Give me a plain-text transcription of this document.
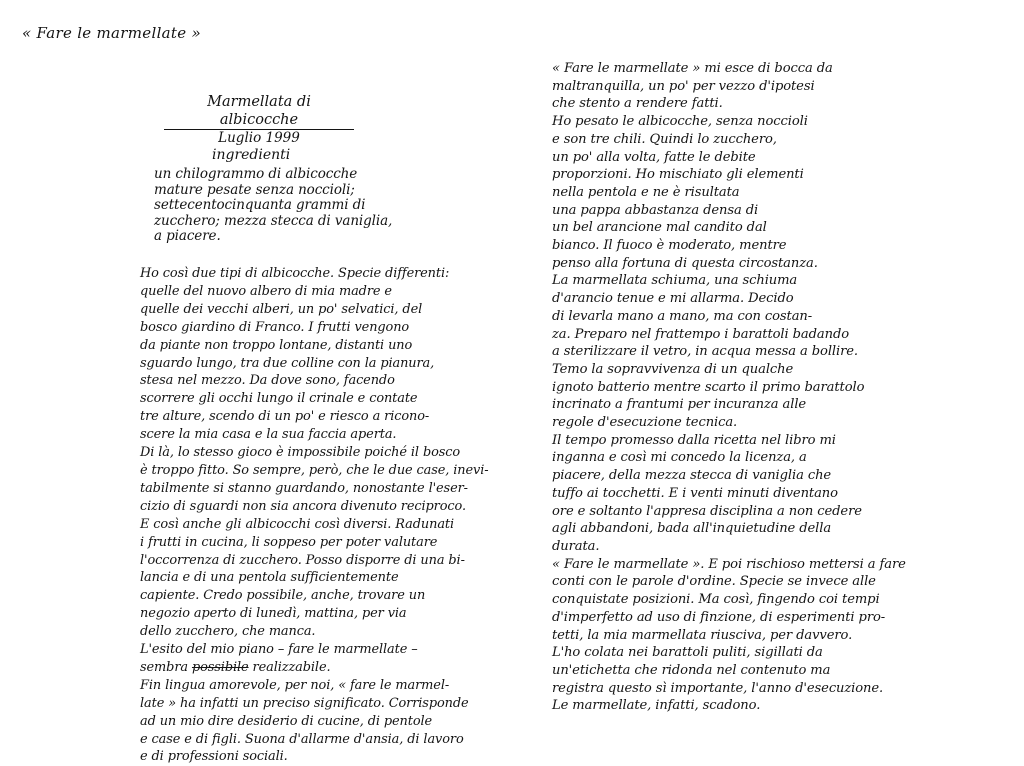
« Fare le marmellate »
Marmellata di albicocche
Luglio 1999
ingredienti
un chilogrammo di albicocche
mature pesate senza noccioli;
settecentocinquanta grammi di
zucchero; mezza stecca di vaniglia,
a piacere.
Ho così due tipi di albicocche. Specie differenti:
quelle del nuovo albero di mia madre e
quelle dei vecchi alberi, un po' selvatici, del
bosco giardino di Franco. I frutti vengono
da piante non troppo lontane, distanti uno
sguardo lungo, tra due colline con la pianura,
stesa nel mezzo. Da dove sono, facendo
scorrere gli occhi lungo il crinale e contate
tre alture, scendo di un po' e riesco a ricono-
scere la mia casa e la sua faccia aperta.
Di là, lo stesso gioco è impossibile poiché il bosco
è troppo fitto. So sempre, però, che le due case, inevi-
tabilmente si stanno guardando, nonostante l'eser-
cizio di sguardi non sia ancora divenuto reciproco.
E così anche gli albicocchi così diversi. Radunati
i frutti in cucina, li soppeso per poter valutare
l'occorrenza di zucchero. Posso disporre di una bi-
lancia e di una pentola sufficientemente
capiente. Credo possibile, anche, trovare un
negozio aperto di lunedì, mattina, per via
dello zucchero, che manca.
L'esito del mio piano – fare le marmellate –
sembra possibile realizzabile.
Fin lingua amorevole, per noi, « fare le marmel-
late » ha infatti un preciso significato. Corrisponde
ad un mio dire desiderio di cucine, di pentole
e case e di figli. Suona d'allarme d'ansia, di lavoro
e di professioni sociali.
« Fare le marmellate » mi esce di bocca da
maltranquilla, un po' per vezzo d'ipotesi
che stento a rendere fatti.
Ho pesato le albicocche, senza noccioli
e son tre chili. Quindi lo zucchero,
un po' alla volta, fatte le debite
proporzioni. Ho mischiato gli elementi
nella pentola e ne è risultata
una pappa abbastanza densa di
un bel arancione mal candito dal
bianco. Il fuoco è moderato, mentre
penso alla fortuna di questa circostanza.
La marmellata schiuma, una schiuma
d'arancio tenue e mi allarma. Decido
di levarla mano a mano, ma con costan-
za. Preparo nel frattempo i barattoli badando
a sterilizzare il vetro, in acqua messa a bollire.
Temo la sopravvivenza di un qualche
ignoto batterio mentre scarto il primo barattolo
incrinato a frantumi per incuranza alle
regole d'esecuzione tecnica.
Il tempo promesso dalla ricetta nel libro mi
inganna e così mi concedo la licenza, a
piacere, della mezza stecca di vaniglia che
tuffo ai tocchetti. E i venti minuti diventano
ore e soltanto l'appresa disciplina a non cedere
agli abbandoni, bada all'inquietudine della
durata.
« Fare le marmellate ». E poi rischioso mettersi a fare
conti con le parole d'ordine. Specie se invece alle
conquistate posizioni. Ma così, fingendo coi tempi
d'imperfetto ad uso di finzione, di esperimenti pro-
tetti, la mia marmellata riusciva, per davvero.
L'ho colata nei barattoli puliti, sigillati da
un'etichetta che ridonda nel contenuto ma
registra questo sì importante, l'anno d'esecuzione.
Le marmellate, infatti, scadono.
